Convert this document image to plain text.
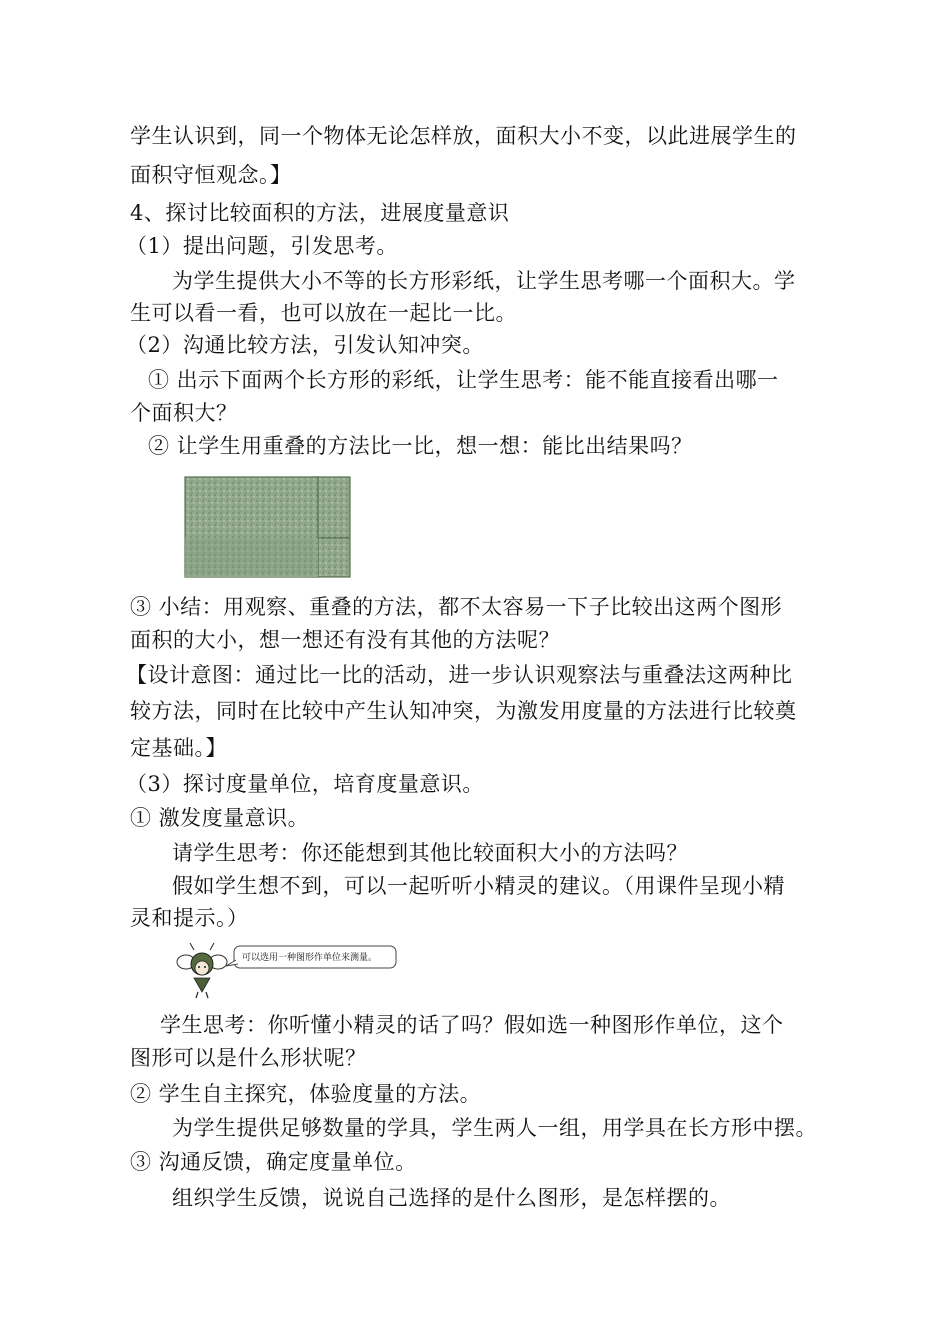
学生认识到，同一个物体无论怎样放，面积大小不变，以此进展学生的
面积守恒观念。】
4、探讨比较面积的方法，进展度量意识
（1）提出问题，引发思考。
为学生提供大小不等的长方形彩纸，让学生思考哪一个面积大。学
生可以看一看，也可以放在一起比一比。
（2）沟通比较方法，引发认知冲突。
① 出示下面两个长方形的彩纸，让学生思考：能不能直接看出哪一
个面积大？
② 让学生用重叠的方法比一比，想一想：能比出结果吗？
③ 小结：用观察、重叠的方法，都不太容易一下子比较出这两个图形
面积的大小，想一想还有没有其他的方法呢？
【设计意图：通过比一比的活动，进一步认识观察法与重叠法这两种比
较方法，同时在比较中产生认知冲突，为激发用度量的方法进行比较奠
定基础。】
（3）探讨度量单位，培育度量意识。
① 激发度量意识。
请学生思考：你还能想到其他比较面积大小的方法吗？
假如学生想不到，可以一起听听小精灵的建议。（用课件呈现小精
灵和提示。）
可以选用一种图形作单位来测量。
学生思考：你听懂小精灵的话了吗？假如选一种图形作单位，这个
图形可以是什么形状呢？
② 学生自主探究，体验度量的方法。
为学生提供足够数量的学具，学生两人一组，用学具在长方形中摆。
③ 沟通反馈，确定度量单位。
组织学生反馈，说说自己选择的是什么图形，是怎样摆的。
